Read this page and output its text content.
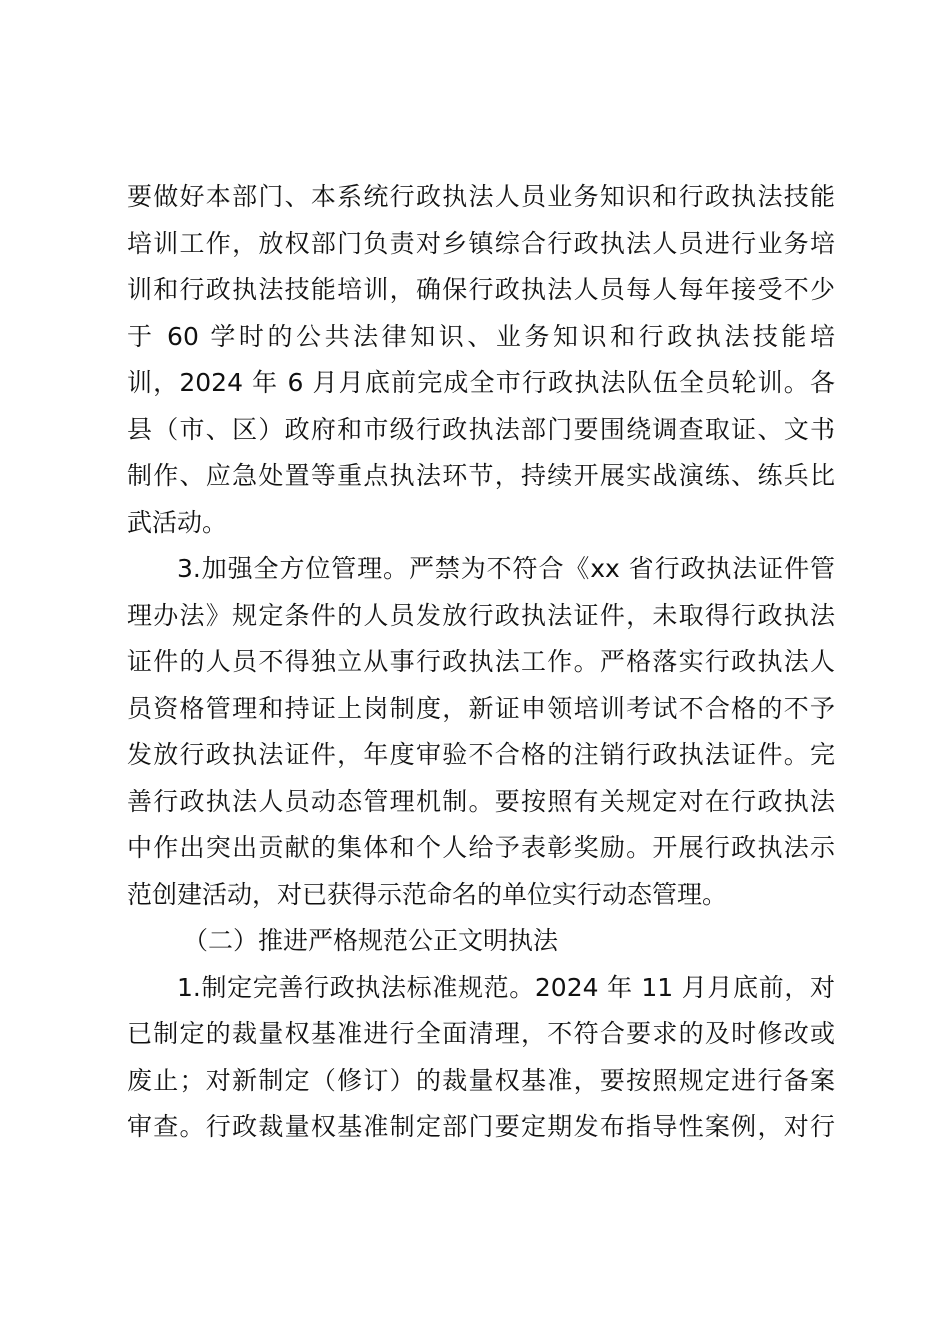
要做好本部门、本系统行政执法人员业务知识和行政执法技能
培训工作，放权部门负责对乡镇综合行政执法人员进行业务培
训和行政执法技能培训，确保行政执法人员每人每年接受不少
于 60 学时的公共法律知识、业务知识和行政执法技能培
训，2024 年 6 月月底前完成全市行政执法队伍全员轮训。各
县（市、区）政府和市级行政执法部门要围绕调查取证、文书
制作、应急处置等重点执法环节，持续开展实战演练、练兵比
武活动。
3.加强全方位管理。严禁为不符合《xx 省行政执法证件管
理办法》规定条件的人员发放行政执法证件，未取得行政执法
证件的人员不得独立从事行政执法工作。严格落实行政执法人
员资格管理和持证上岗制度，新证申领培训考试不合格的不予
发放行政执法证件，年度审验不合格的注销行政执法证件。完
善行政执法人员动态管理机制。要按照有关规定对在行政执法
中作出突出贡献的集体和个人给予表彰奖励。开展行政执法示
范创建活动，对已获得示范命名的单位实行动态管理。
（二）推进严格规范公正文明执法
1.制定完善行政执法标准规范。2024 年 11 月月底前，对
已制定的裁量权基准进行全面清理，不符合要求的及时修改或
废止；对新制定（修订）的裁量权基准，要按照规定进行备案
审查。行政裁量权基准制定部门要定期发布指导性案例，对行
